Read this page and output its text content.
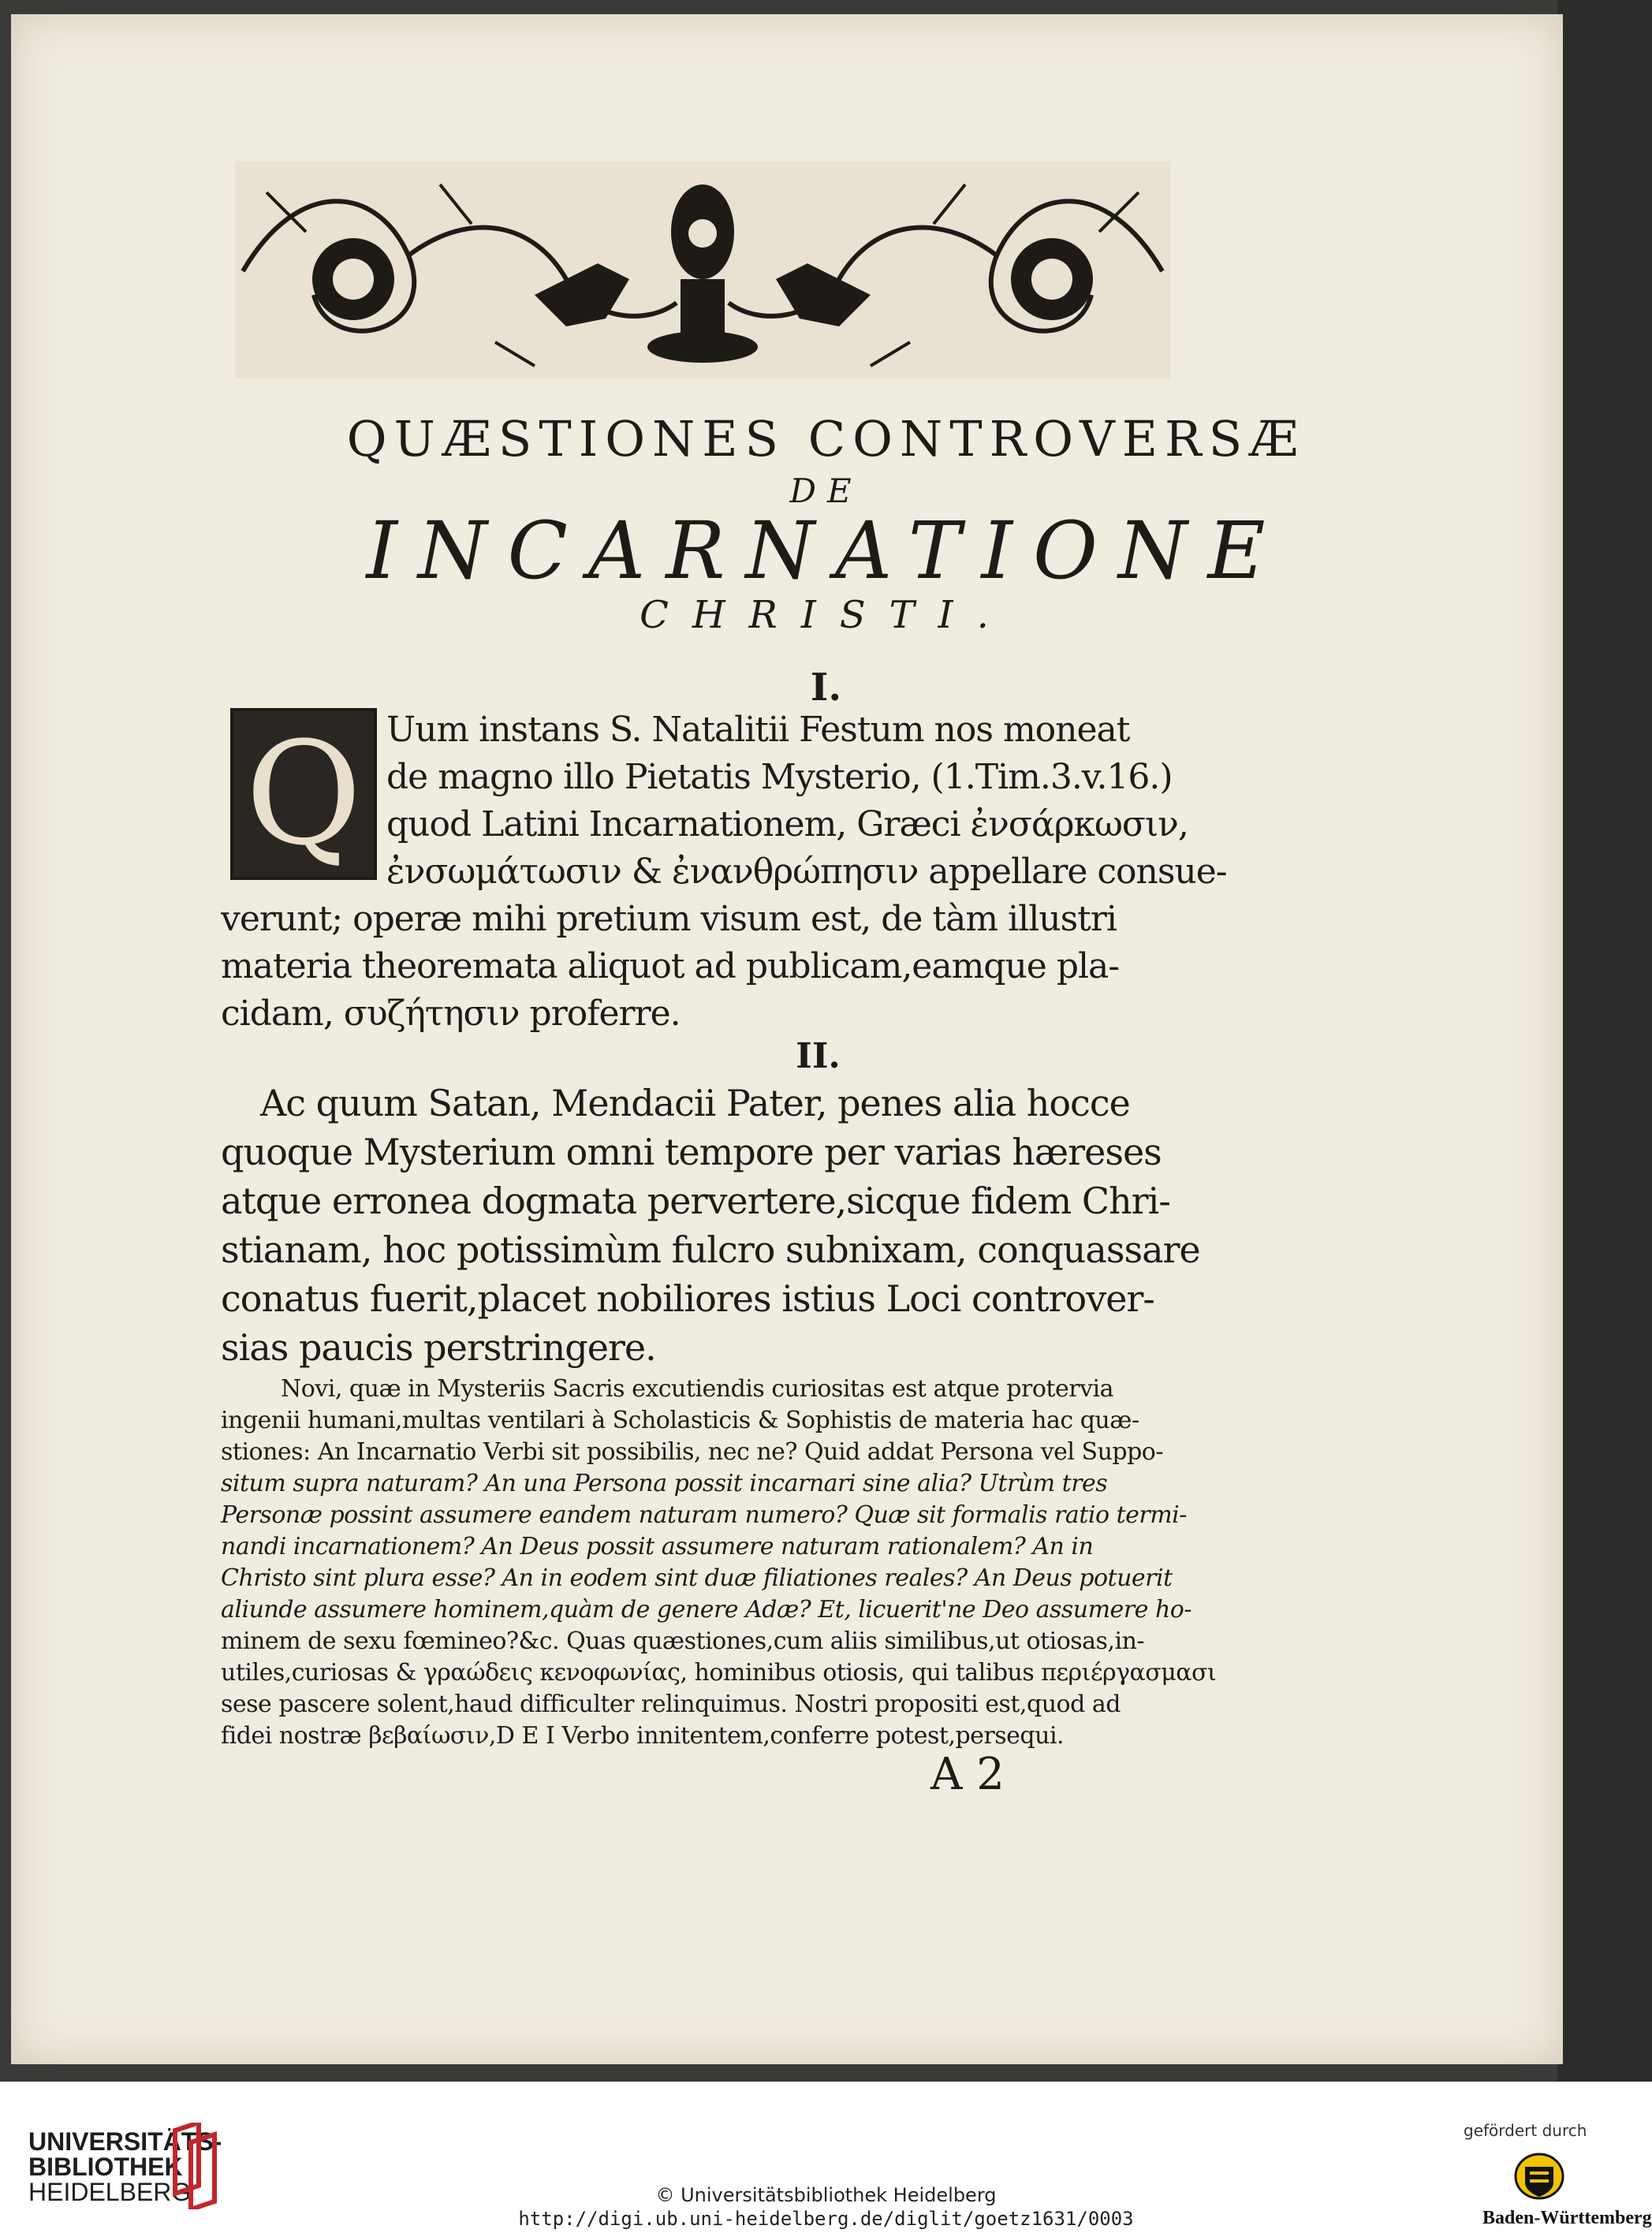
QUÆSTIONES CONTROVERSÆ
DE
INCARNATIONE
CHRISTI.
I.
Q Uum instans S. Natalitii Festum nos moneat
de magno illo Pietatis Mysterio, (1.Tim.3.v.16.)
quod Latini Incarnationem, Græci ἐνσάρκωσιν,
ἐνσωμάτωσιν & ἐνανθρώπησιν appellare consue-
verunt; operæ mihi pretium visum est, de tàm illustri
materia theoremata aliquot ad publicam,eamque pla-
cidam, συζήτησιν proferre.
II.
Ac quum Satan, Mendacii Pater, penes alia hocce
quoque Mysterium omni tempore per varias hæreses
atque erronea dogmata pervertere,sicque fidem Chri-
stianam, hoc potissimùm fulcro subnixam, conquassare
conatus fuerit,placet nobiliores istius Loci controver-
sias paucis perstringere.
Novi, quæ in Mysteriis Sacris excutiendis curiositas est atque protervia
ingenii humani,multas ventilari à Scholasticis & Sophistis de materia hac quæ-
stiones: An Incarnatio Verbi sit possibilis, nec ne? Quid addat Persona vel Suppo-
situm supra naturam? An una Persona possit incarnari sine alia? Utrùm tres
Personæ possint assumere eandem naturam numero? Quæ sit formalis ratio termi-
nandi incarnationem? An Deus possit assumere naturam rationalem? An in
Christo sint plura esse? An in eodem sint duæ filiationes reales? An Deus potuerit
aliunde assumere hominem,quàm de genere Adæ? Et, licuerit'ne Deo assumere ho-
minem de sexu fœmineo?&c. Quas quæstiones,cum aliis similibus,ut otiosas,in-
utiles,curiosas & γραώδεις κενοφωνίας, hominibus otiosis, qui talibus περιέργασμασι
sese pascere solent,haud difficulter relinquimus. Nostri propositi est,quod ad
fidei nostræ βεβαίωσιν,D E I Verbo innitentem,conferre potest,persequi.
A 2
UNIVERSITÄTS-
BIBLIOTHEK
HEIDELBERG	© Universitätsbibliothek Heidelberg
http://digi.ub.uni-heidelberg.de/diglit/goetz1631/0003
gefördert durch
Baden-Württemberg
